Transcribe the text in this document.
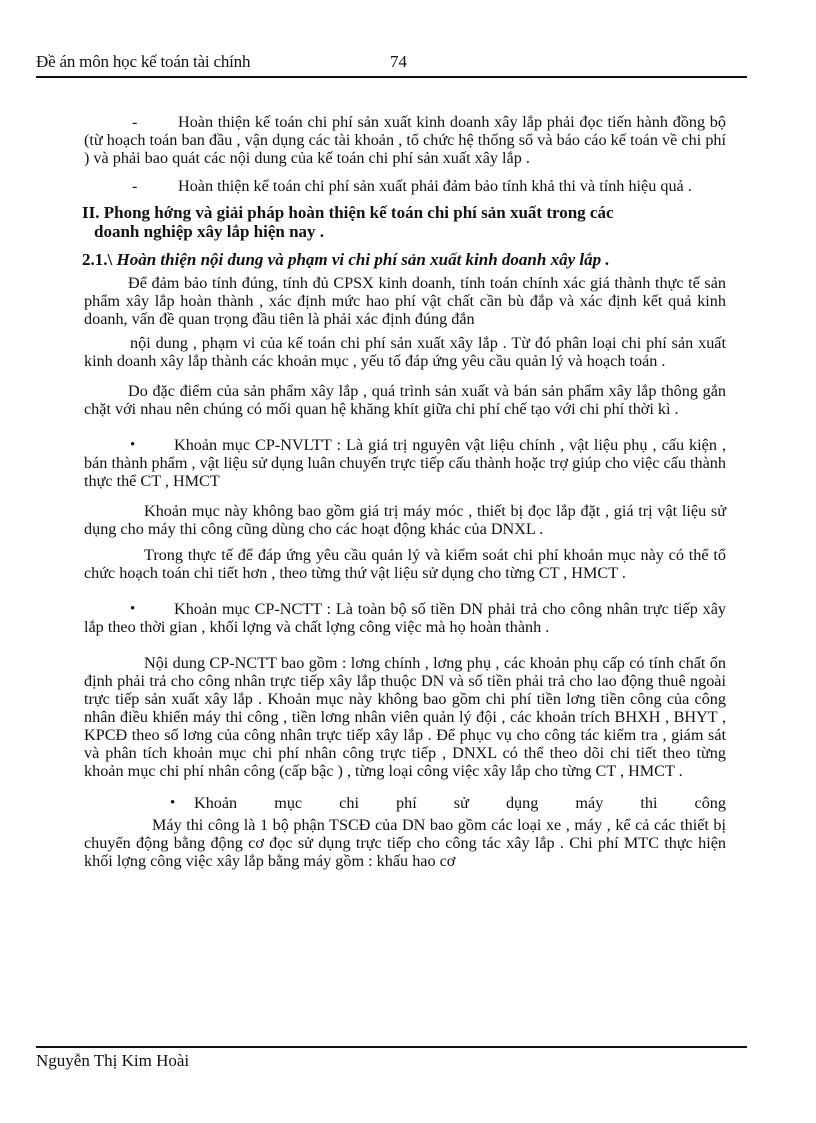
Đề án môn học kế toán tài chính	74

-	Hoàn thiện kế toán chi phí sản xuất kinh doanh xây lắp phải đọc tiến hành đồng bộ (từ hoạch toán ban đầu , vận dụng các tài khoản , tổ chức hệ thống sổ và báo cáo kế toán về chi phí ) và phải bao quát các nội dung của kế toán chi phí sản xuất xây lắp .

-	Hoàn thiện kế toán chi phí sản xuất phải đảm bảo tính khả thi và tính hiệu quả .

II. Phong hớng và giải pháp hoàn thiện kế toán chi phí sản xuất trong các
doanh nghiệp xây lắp hiện nay .

2.1.\ Hoàn thiện nội dung và phạm vi chi phí sản xuất kinh doanh xây lắp .

Để đảm bảo tính đúng, tính đủ CPSX kinh doanh, tính toán chính xác giá thành thực tế sản phẩm xây lắp hoàn thành , xác định mức hao phí vật chất cần bù đắp và xác định kết quả kinh doanh, vấn đề quan trọng đầu tiên là phải xác định đúng đắn

nội dung , phạm vi của kế toán chi phí sản xuất xây lắp . Từ đó phân loại chi phí sản xuất kinh doanh xây lắp thành các khoản mục , yếu tố đáp ứng yêu cầu quản lý và hoạch toán .

Do đặc điểm của sản phẩm xây lắp , quá trình sản xuất và bán sản phẩm xây lắp thông gắn chặt với nhau nên chúng có mối quan hệ khăng khít giữa chi phí chế tạo với chi phí thời kì .

• Khoản mục CP-NVLTT : Là giá trị nguyên vật liệu chính , vật liệu phụ , cấu kiện , bán thành phẩm , vật liệu sử dụng luân chuyển trực tiếp cấu thành hoặc trợ giúp cho việc cấu thành thực thể CT , HMCT

Khoản mục này không bao gồm giá trị máy móc , thiết bị đọc lắp đặt , giá trị vật liệu sử dụng cho máy thi công cũng dùng cho các hoạt động khác của DNXL .

Trong thực tế để đáp ứng yêu cầu quản lý và kiểm soát chi phí khoản mục này có thể tổ chức hoạch toán chi tiết hơn , theo từng thứ vật liệu sử dụng cho từng CT , HMCT .

• Khoản mục CP-NCTT : Là toàn bộ số tiền DN phải trả cho công nhân trực tiếp xây lắp theo thời gian , khối lợng và chất lợng công việc mà họ hoàn thành .

Nội dung CP-NCTT bao gồm : lơng chính , lơng phụ , các khoản phụ cấp có tính chất ổn định phải trả cho công nhân trực tiếp xây lắp thuộc DN và số tiền phải trả cho lao động thuê ngoài trực tiếp sản xuất xây lắp . Khoản mục này không bao gồm chi phí tiền lơng tiền công của công nhân điều khiển máy thi công , tiền lơng nhân viên quản lý đội , các khoản trích BHXH , BHYT , KPCĐ theo số lơng của công nhân trực tiếp xây lắp . Để phục vụ cho công tác kiểm tra , giám sát và phân tích khoản mục chi phí nhân công trực tiếp , DNXL có thể theo dõi chi tiết theo từng khoản mục chi phí nhân công (cấp bậc ) , từng loại công việc xây lắp cho từng CT , HMCT .

• Khoản mục chi phí sử dụng máy thi công

Máy thi công là 1 bộ phận TSCĐ của DN bao gồm các loại xe , máy , kể cả các thiết bị chuyển động bằng động cơ đọc sử dụng trực tiếp cho công tác xây lắp . Chi phí MTC thực hiện khối lợng công việc xây lắp bằng máy gồm : khấu hao cơ

Nguyễn Thị Kim Hoài
